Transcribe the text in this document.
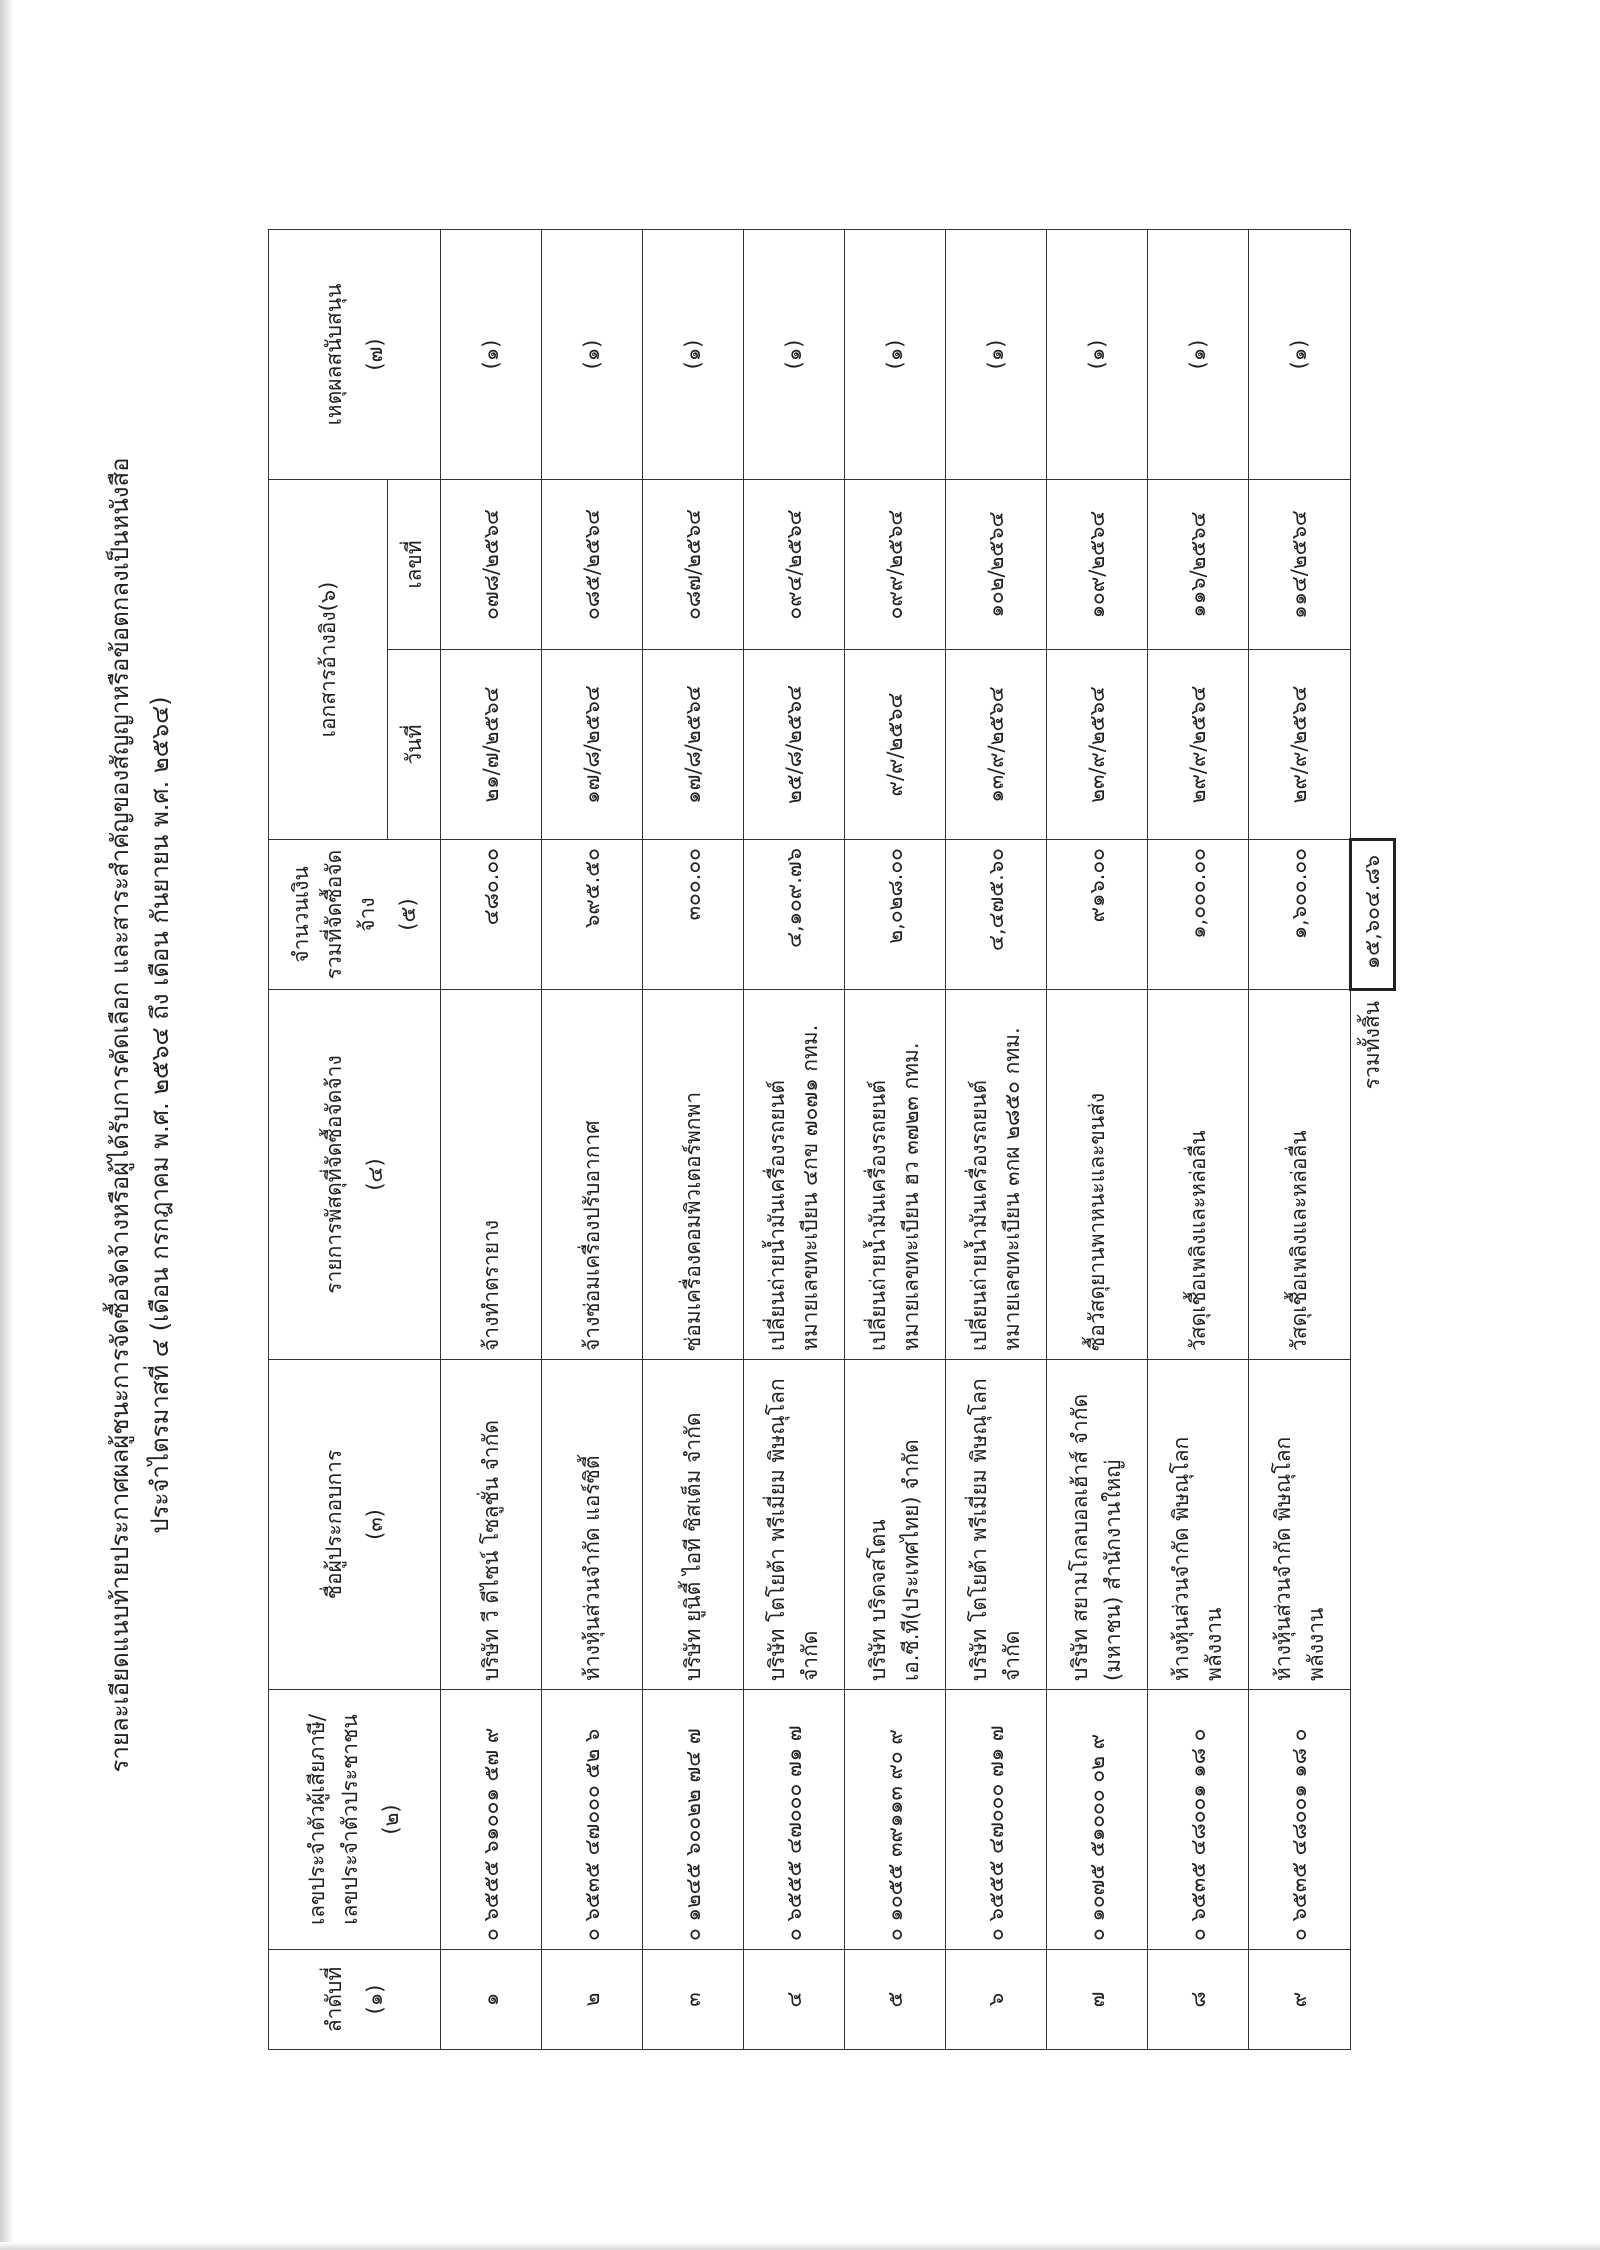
รายละเอียดแนบท้ายประกาศผลผู้ชนะการจัดซื้อจัดจ้างหรือผู้ได้รับการคัดเลือก และสาระสำคัญของสัญญาหรือข้อตกลงเป็นหนังสือ ประจำไตรมาสที่ ๔ (เดือน กรกฎาคม พ.ศ. ๒๕๖๔ ถึง เดือน กันยายน พ.ศ. ๒๕๖๔)
ลำดับที่ (๑)	เลขประจำตัวผู้เสียภาษี/เลขประจำตัวประชาชน (๒)	ชื่อผู้ประกอบการ (๓)	รายการพัสดุที่จัดซื้อจัดจ้าง (๔)	จำนวนเงินรวมที่จัดซื้อจัดจ้าง (๕)	เอกสารอ้างอิง(๖)		เหตุผลสนับสนุน (๗)

					วันที่	เลขที่	
๑	๐ ๖๕๕๕ ๖๑๐๐๑ ๕๗ ๙	บริษัท วี ดีไซน์ โซลูชั่น จำกัด	จ้างทำตรายาง	๔๘๐.๐๐	๒๑/๗/๒๕๖๔	๐๗๘/๒๕๖๔	(๑)
๒	๐ ๖๕๓๕ ๔๗๐๐๐ ๕๒ ๖	ห้างหุ้นส่วนจำกัด แอร์ซิตี้	จ้างซ่อมเครื่องปรับอากาศ	๖๙๕.๕๐	๑๗/๘/๒๕๖๔	๐๘๕/๒๕๖๔	(๑)
๓	๐ ๑๒๔๕ ๖๐๐๒๒ ๗๔ ๗	บริษัท ยูนิตี้ ไอที ซิสเต็ม จำกัด	ซ่อมเครื่องคอมพิวเตอร์พกพา	๓๐๐.๐๐	๑๗/๘/๒๕๖๔	๐๘๗/๒๕๖๔	(๑)
๔	๐ ๖๕๕๕ ๔๗๐๐๐ ๗๑ ๗	บริษัท โตโยต้า พรีเมี่ยม พิษณุโลก จำกัด	เปลี่ยนถ่ายน้ำมันเครื่องรถยนต์ หมายเลขทะเบียน ๔กข ๗๐๗๑ กทม.	๔,๑๐๙.๗๖	๒๕/๘/๒๕๖๔	๐๙๔/๒๕๖๔	(๑)
๕	๐ ๑๐๕๕ ๓๙๑๑๓ ๙๐ ๙	บริษัท บริดจสโตน เอ.ซี.ที(ประเทศไทย) จำกัด	เปลี่ยนถ่ายน้ำมันเครื่องรถยนต์ หมายเลขทะเบียน ฮว ๓๗๒๓ กทม.	๒,๐๒๘.๐๐	๙/๙/๒๕๖๔	๐๙๙/๒๕๖๔	(๑)
๖	๐ ๖๕๕๕ ๔๗๐๐๐ ๗๑ ๗	บริษัท โตโยต้า พรีเมี่ยม พิษณุโลก จำกัด	เปลี่ยนถ่ายน้ำมันเครื่องรถยนต์ หมายเลขทะเบียน ๓กผ ๒๘๕๐ กทม.	๔,๔๗๕.๖๐	๑๓/๙/๒๕๖๔	๑๐๒/๒๕๖๔	(๑)
๗	๐ ๑๐๗๕ ๕๑๐๐๐ ๐๒ ๙	บริษัท สยามโกลบอลเฮ้าส์ จำกัด (มหาชน) สำนักงานใหญ่	ซื้อวัสดุยานพาหนะและขนส่ง	๙๑๖.๐๐	๒๓/๙/๒๕๖๔	๑๐๙/๒๕๖๔	(๑)
๘	๐ ๖๕๓๕ ๔๘๐๐๑ ๑๘ ๐	ห้างหุ้นส่วนจำกัด พิษณุโลกพลังงาน	วัสดุเชื้อเพลิงและหล่อลื่น	๑,๐๐๐.๐๐	๒๙/๙/๒๕๖๔	๑๑๖/๒๕๖๔	(๑)
๙	๐ ๖๕๓๕ ๔๘๐๐๑ ๑๘ ๐	ห้างหุ้นส่วนจำกัด พิษณุโลกพลังงาน	วัสดุเชื้อเพลิงและหล่อลื่น	๑,๖๐๐.๐๐	๒๙/๙/๒๕๖๔	๑๑๔/๒๕๖๔	(๑)
รวมทั้งสิ้น				๑๕,๖๐๔.๘๖			
